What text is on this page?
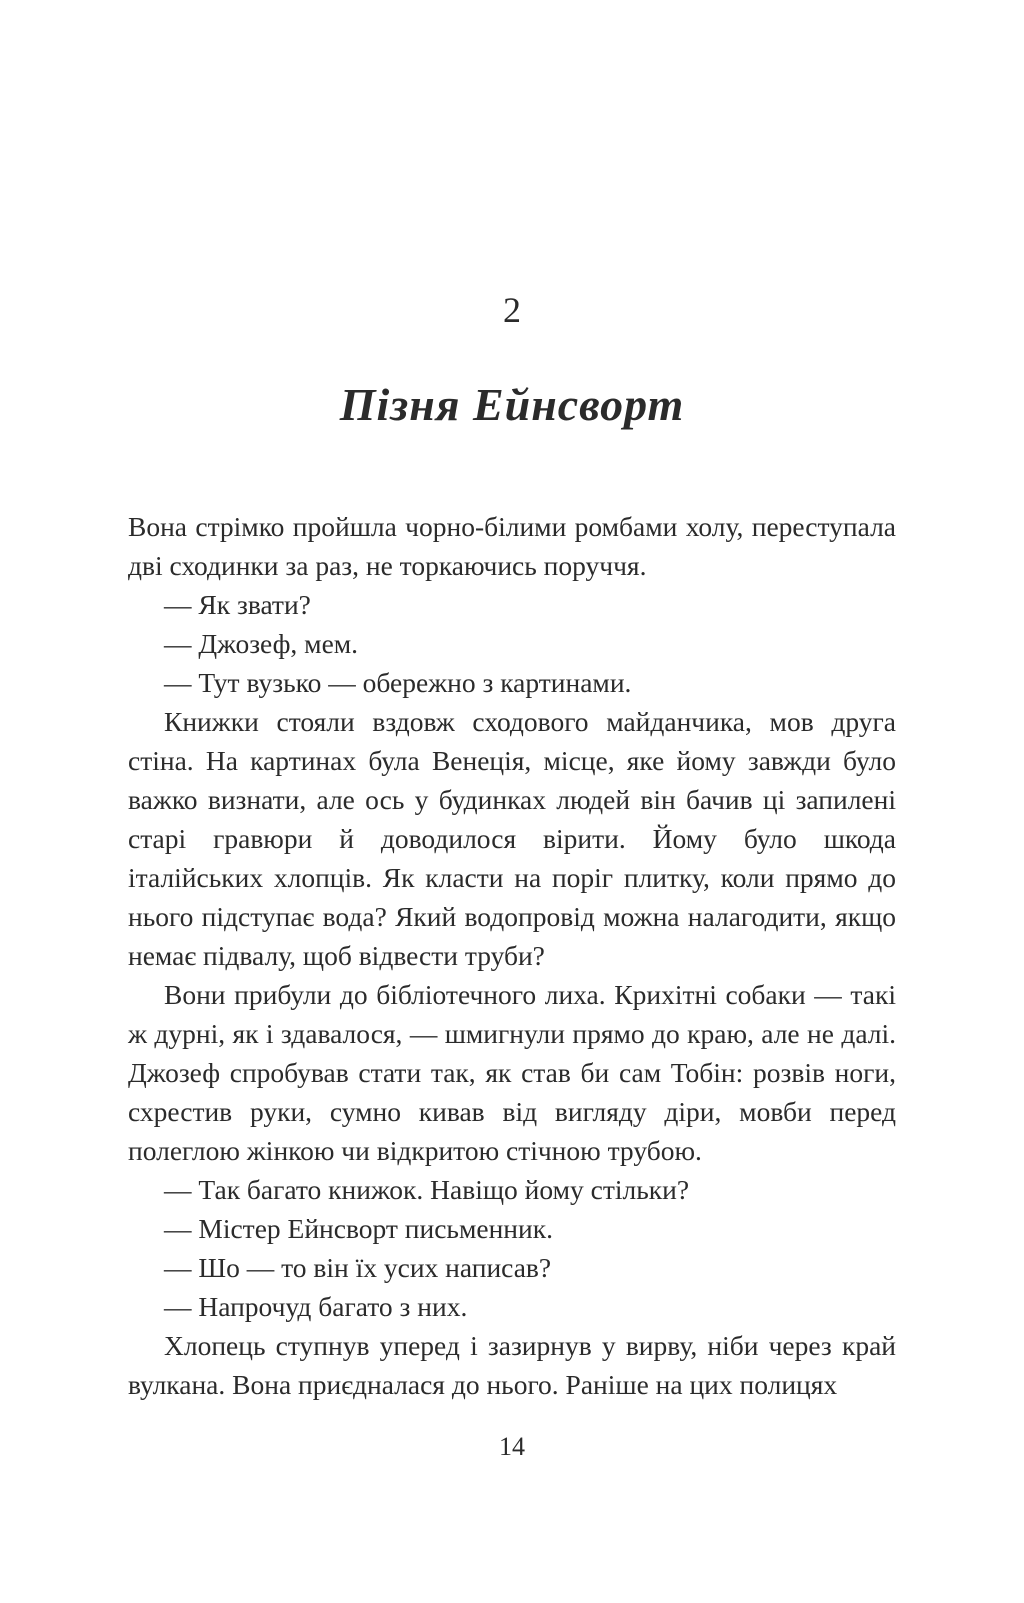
2
Пізня Ейнсворт

Вона стрімко пройшла чорно-білими ромбами холу, переступала дві сходинки за раз, не торкаючись поруччя.

— Як звати?

— Джозеф, мем.

— Тут вузько — обережно з картинами.

Книжки стояли вздовж сходового майданчика, мов друга стіна. На картинах була Венеція, місце, яке йому завжди було важко визнати, але ось у будинках людей він бачив ці запилені старі гравюри й доводилося вірити. Йому було шкода італійських хлопців. Як класти на поріг плитку, коли прямо до нього підступає вода? Який водопровід можна налагодити, якщо немає підвалу, щоб відвести труби?

Вони прибули до бібліотечного лиха. Крихітні собаки — такі ж дурні, як і здавалося, — шмигнули прямо до краю, але не далі. Джозеф спробував стати так, як став би сам Тобін: розвів ноги, схрестив руки, сумно кивав від вигляду діри, мовби перед полеглою жінкою чи відкритою стічною трубою.

— Так багато книжок. Навіщо йому стільки?

— Містер Ейнсворт письменник.

— Шо — то він їх усих написав?

— Напрочуд багато з них.

Хлопець ступнув уперед і зазирнув у вирву, ніби через край вулкана. Вона приєдналася до нього. Раніше на цих полицях

14
